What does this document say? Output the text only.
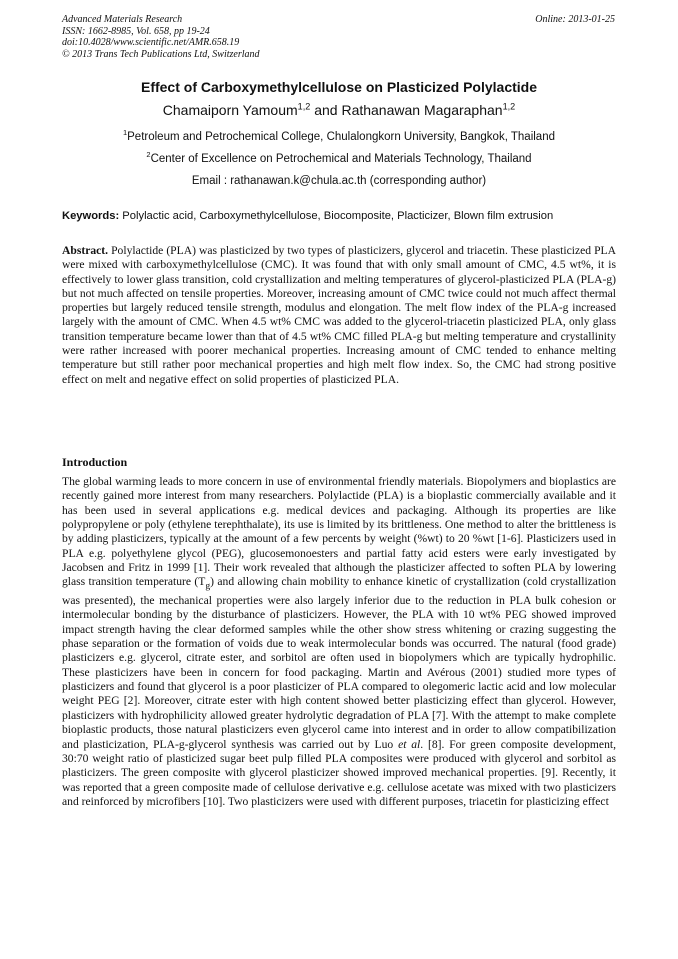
Advanced Materials Research
ISSN: 1662-8985, Vol. 658, pp 19-24
doi:10.4028/www.scientific.net/AMR.658.19
© 2013 Trans Tech Publications Ltd, Switzerland
Online: 2013-01-25
Effect of Carboxymethylcellulose on Plasticized Polylactide
Chamaiporn Yamoum$^{1,2}$ and Rathanawan Magaraphan$^{1,2}$
$^1$Petroleum and Petrochemical College, Chulalongkorn University, Bangkok, Thailand
$^2$Center of Excellence on Petrochemical and Materials Technology, Thailand
Email : rathanawan.k@chula.ac.th (corresponding author)
Keywords: Polylactic acid, Carboxymethylcellulose, Biocomposite, Placticizer, Blown film extrusion

Abstract. Polylactide (PLA) was plasticized by two types of plasticizers, glycerol and triacetin. These plasticized PLA were mixed with carboxymethylcellulose (CMC). It was found that with only small amount of CMC, 4.5 wt%, it is effectively to lower glass transition, cold crystallization and melting temperatures of glycerol-plasticized PLA (PLA-g) but not much affected on tensile properties. Moreover, increasing amount of CMC twice could not much affect thermal properties but largely reduced tensile strength, modulus and elongation. The melt flow index of the PLA-g increased largely with the amount of CMC. When 4.5 wt% CMC was added to the glycerol-triacetin plasticized PLA, only glass transition temperature became lower than that of 4.5 wt% CMC filled PLA-g but melting temperature and crystallinity were rather increased with poorer mechanical properties. Increasing amount of CMC tended to enhance melting temperature but still rather poor mechanical properties and high melt flow index. So, the CMC had strong positive effect on melt and negative effect on solid properties of plasticized PLA.

Introduction

The global warming leads to more concern in use of environmental friendly materials. Biopolymers and bioplastics are recently gained more interest from many researchers. Polylactide (PLA) is a bioplastic commercially available and it has been used in several applications e.g. medical devices and packaging. Although its properties are like polypropylene or poly (ethylene terephthalate), its use is limited by its brittleness. One method to alter the brittleness is by adding plasticizers, typically at the amount of a few percents by weight (%wt) to 20 %wt [1-6]. Plasticizers used in PLA e.g. polyethylene glycol (PEG), glucosemonoesters and partial fatty acid esters were early investigated by Jacobsen and Fritz in 1999 [1]. Their work revealed that although the plasticizer affected to soften PLA by lowering glass transition temperature $(T_g)$ and allowing chain mobility to enhance kinetic of crystallization (cold crystallization was presented), the mechanical properties were also largely inferior due to the reduction in PLA bulk cohesion or intermolecular bonding by the disturbance of plasticizers. However, the PLA with 10 wt% PEG showed improved impact strength having the clear deformed samples while the other show stress whitening or crazing suggesting the phase separation or the formation of voids due to weak intermolecular bonds was occurred. The natural (food grade) plasticizers e.g. glycerol, citrate ester, and sorbitol are often used in biopolymers which are typically hydrophilic. These plasticizers have been in concern for food packaging. Martin and Avérous (2001) studied more types of plasticizers and found that glycerol is a poor plasticizer of PLA compared to olegomeric lactic acid and low molecular weight PEG [2]. Moreover, citrate ester with high content showed better plasticizing effect than glycerol. However, plasticizers with hydrophilicity allowed greater hydrolytic degradation of PLA [7]. With the attempt to make complete bioplastic products, those natural plasticizers even glycerol came into interest and in order to allow compatibilization and plasticization, PLA-g-glycerol synthesis was carried out by Luo et al. [8]. For green composite development, 30:70 weight ratio of plasticized sugar beet pulp filled PLA composites were produced with glycerol and sorbitol as plasticizers. The green composite with glycerol plasticizer showed improved mechanical properties. [9]. Recently, it was reported that a green composite made of cellulose derivative e.g. cellulose acetate was mixed with two plasticizers and reinforced by microfibers [10]. Two plasticizers were used with different purposes, triacetin for plasticizing effect
